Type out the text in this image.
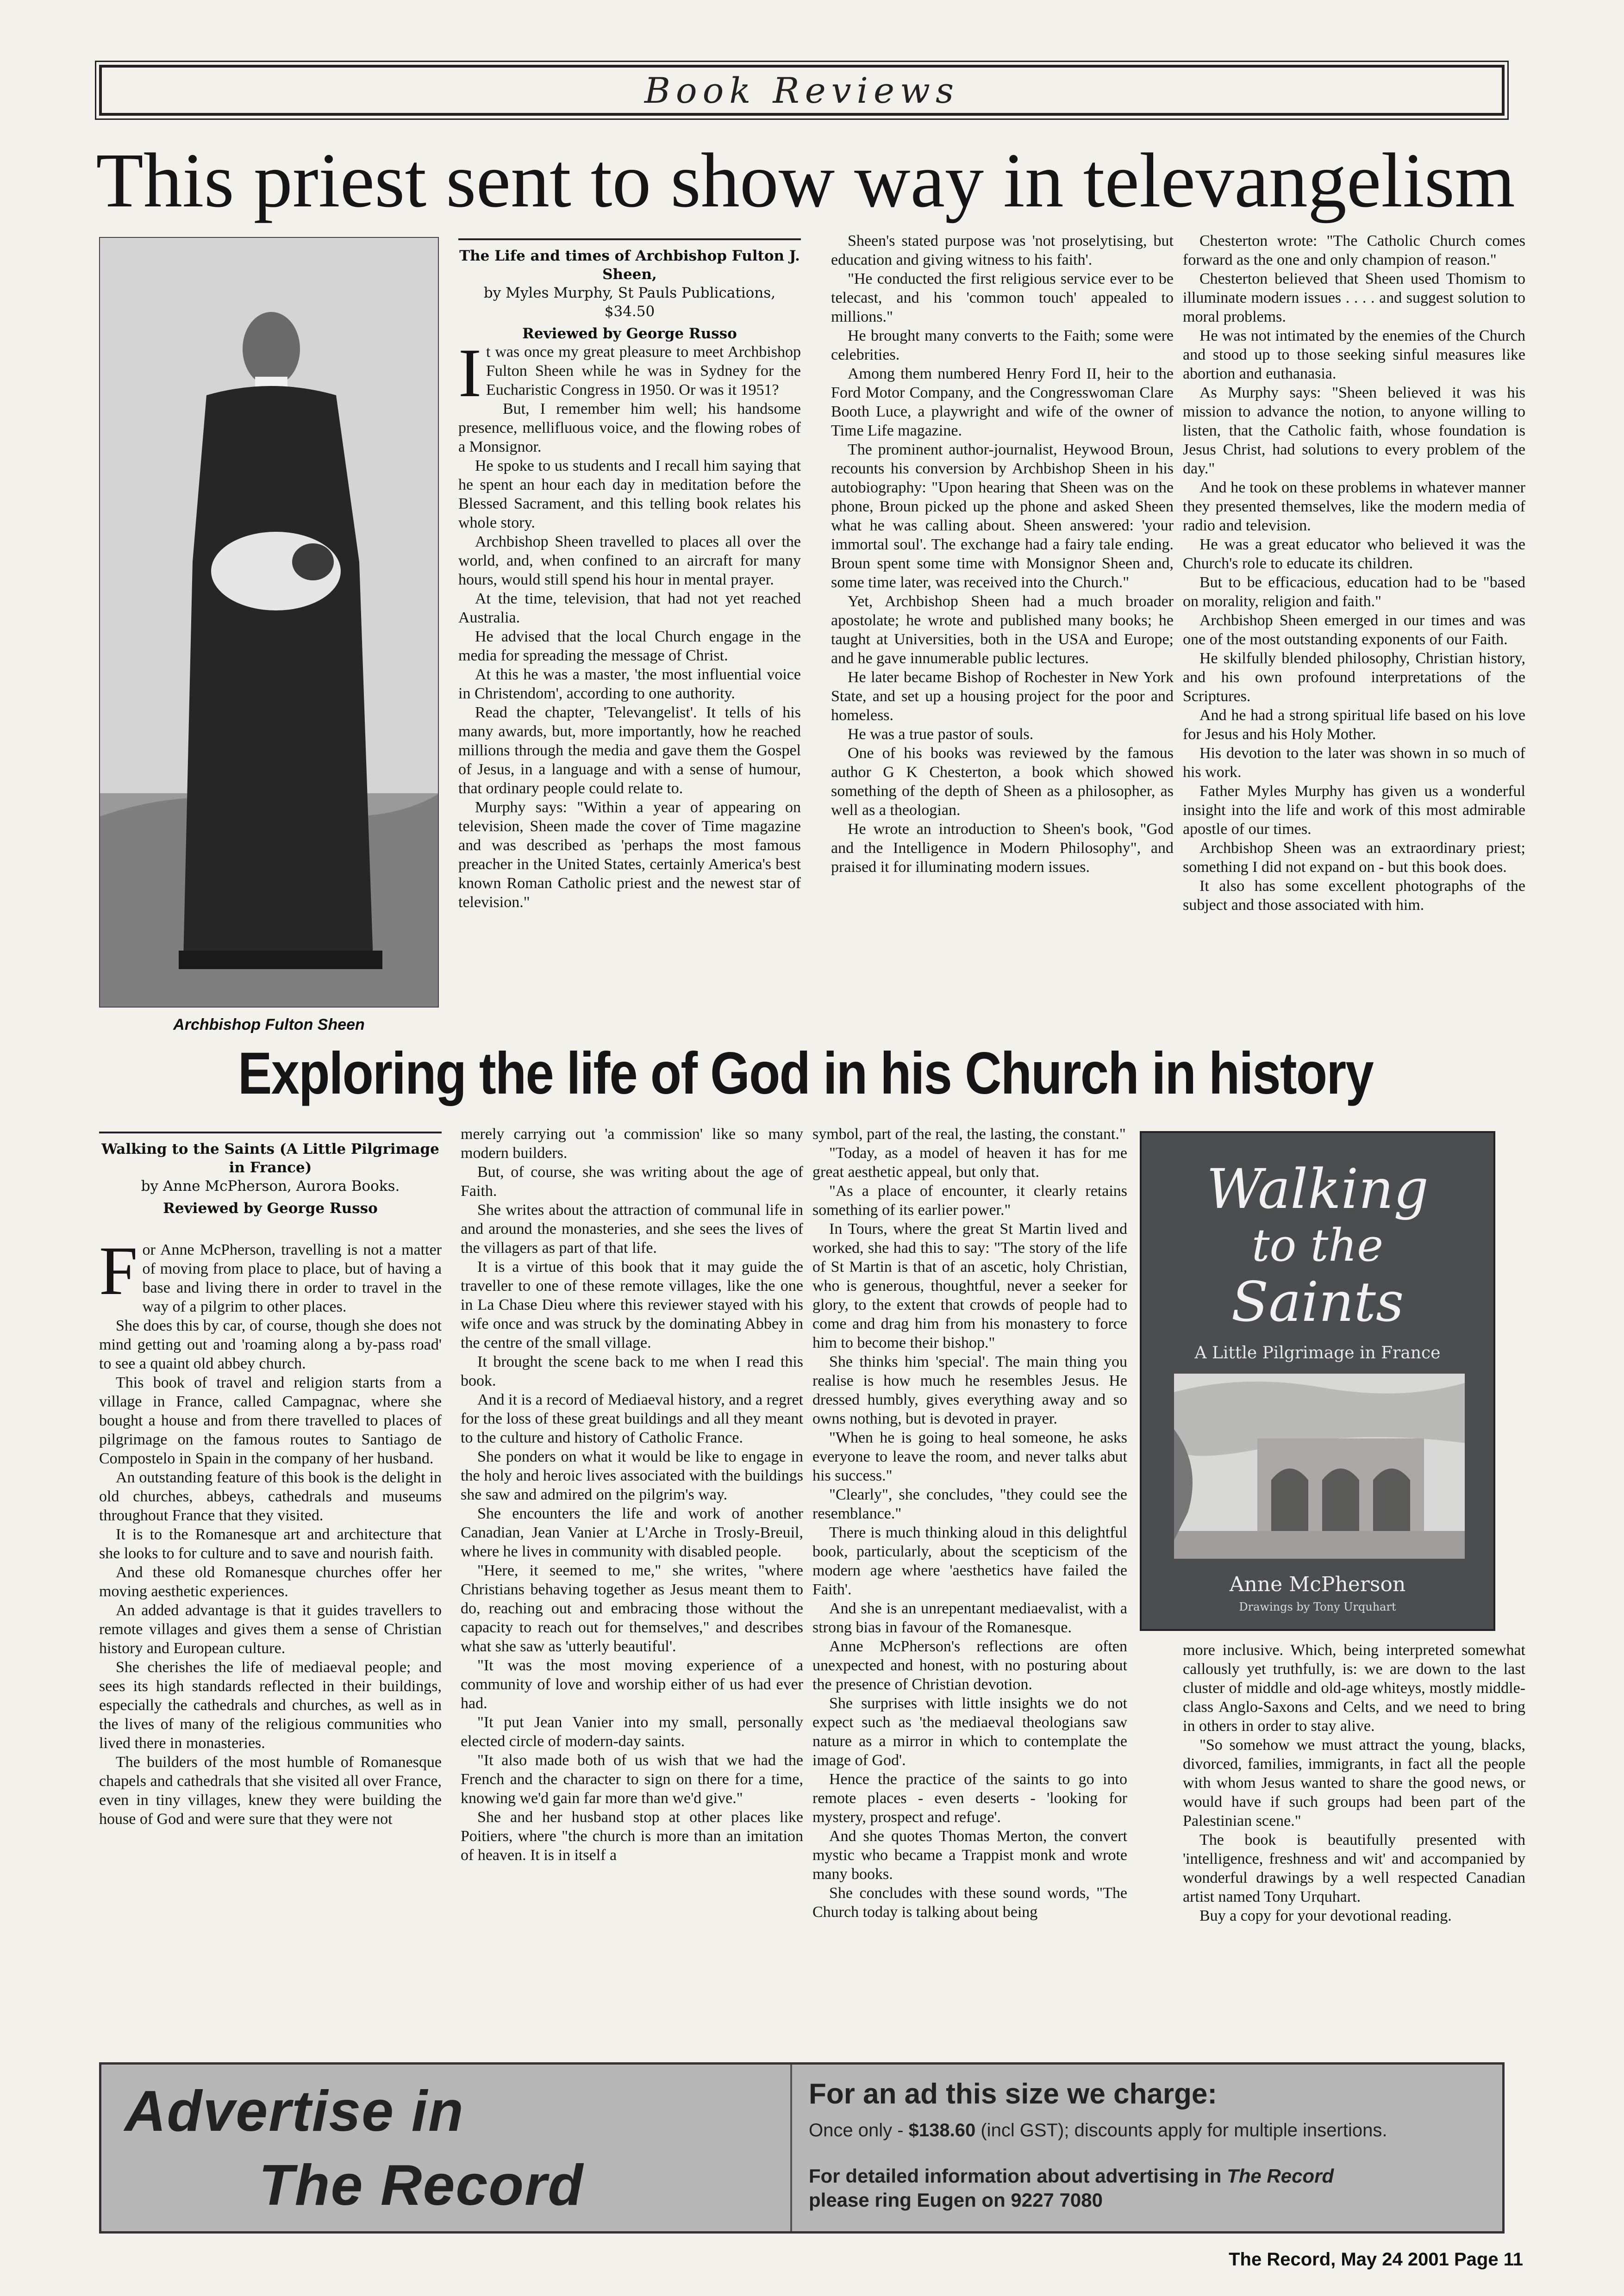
Book Reviews
This priest sent to show way in televangelism
Archbishop Fulton Sheen
The Life and times of Archbishop Fulton J. Sheen,
by Myles Murphy, St Pauls Publications, $34.50
Reviewed by George Russo
I t was once my great pleasure to meet Archbishop Fulton Sheen while he was in Sydney for the Eucharistic Congress in 1950. Or was it 1951?

But, I remember him well; his handsome presence, mellifluous voice, and the flowing robes of a Monsignor.

He spoke to us students and I recall him saying that he spent an hour each day in meditation before the Blessed Sacrament, and this telling book relates his whole story.

Archbishop Sheen travelled to places all over the world, and, when confined to an aircraft for many hours, would still spend his hour in mental prayer.

At the time, television, that had not yet reached Australia.

He advised that the local Church engage in the media for spreading the message of Christ.

At this he was a master, 'the most influential voice in Christendom', according to one authority.

Read the chapter, 'Televangelist'. It tells of his many awards, but, more importantly, how he reached millions through the media and gave them the Gospel of Jesus, in a language and with a sense of humour, that ordinary people could relate to.

Murphy says: "Within a year of appearing on television, Sheen made the cover of Time magazine and was described as 'perhaps the most famous preacher in the United States, certainly America's best known Roman Catholic priest and the newest star of television."

Sheen's stated purpose was 'not proselytising, but education and giving witness to his faith'.

"He conducted the first religious service ever to be telecast, and his 'common touch' appealed to millions."

He brought many converts to the Faith; some were celebrities.

Among them numbered Henry Ford II, heir to the Ford Motor Company, and the Congresswoman Clare Booth Luce, a playwright and wife of the owner of Time Life magazine.

The prominent author-journalist, Heywood Broun, recounts his conversion by Archbishop Sheen in his autobiography: "Upon hearing that Sheen was on the phone, Broun picked up the phone and asked Sheen what he was calling about. Sheen answered: 'your immortal soul'. The exchange had a fairy tale ending. Broun spent some time with Monsignor Sheen and, some time later, was received into the Church."

Yet, Archbishop Sheen had a much broader apostolate; he wrote and published many books; he taught at Universities, both in the USA and Europe; and he gave innumerable public lectures.

He later became Bishop of Rochester in New York State, and set up a housing project for the poor and homeless.

He was a true pastor of souls.

One of his books was reviewed by the famous author G K Chesterton, a book which showed something of the depth of Sheen as a philosopher, as well as a theologian.

He wrote an introduction to Sheen's book, "God and the Intelligence in Modern Philosophy", and praised it for illuminating modern issues.

Chesterton wrote: "The Catholic Church comes forward as the one and only champion of reason."

Chesterton believed that Sheen used Thomism to illuminate modern issues . . . . and suggest solution to moral problems.

He was not intimated by the enemies of the Church and stood up to those seeking sinful measures like abortion and euthanasia.

As Murphy says: "Sheen believed it was his mission to advance the notion, to anyone willing to listen, that the Catholic faith, whose foundation is Jesus Christ, had solutions to every problem of the day."

And he took on these problems in whatever manner they presented themselves, like the modern media of radio and television.

He was a great educator who believed it was the Church's role to educate its children.

But to be efficacious, education had to be "based on morality, religion and faith."

Archbishop Sheen emerged in our times and was one of the most outstanding exponents of our Faith.

He skilfully blended philosophy, Christian history, and his own profound interpretations of the Scriptures.

And he had a strong spiritual life based on his love for Jesus and his Holy Mother.

His devotion to the later was shown in so much of his work.

Father Myles Murphy has given us a wonderful insight into the life and work of this most admirable apostle of our times.

Archbishop Sheen was an extraordinary priest; something I did not expand on - but this book does.

It also has some excellent photographs of the subject and those associated with him.

Exploring the life of God in his Church in history
Walking to the Saints (A Little Pilgrimage in France)
by Anne McPherson, Aurora Books.
Reviewed by George Russo
F or Anne McPherson, travelling is not a matter of moving from place to place, but of having a base and living there in order to travel in the way of a pilgrim to other places.

She does this by car, of course, though she does not mind getting out and 'roaming along a by-pass road' to see a quaint old abbey church.

This book of travel and religion starts from a village in France, called Campagnac, where she bought a house and from there travelled to places of pilgrimage on the famous routes to Santiago de Compostelo in Spain in the company of her husband.

An outstanding feature of this book is the delight in old churches, abbeys, cathedrals and museums throughout France that they visited.

It is to the Romanesque art and architecture that she looks to for culture and to save and nourish faith.

And these old Romanesque churches offer her moving aesthetic experiences.

An added advantage is that it guides travellers to remote villages and gives them a sense of Christian history and European culture.

She cherishes the life of mediaeval people; and sees its high standards reflected in their buildings, especially the cathedrals and churches, as well as in the lives of many of the religious communities who lived there in monasteries.

The builders of the most humble of Romanesque chapels and cathedrals that she visited all over France, even in tiny villages, knew they were building the house of God and were sure that they were not

merely carrying out 'a commission' like so many modern builders.

But, of course, she was writing about the age of Faith.

She writes about the attraction of communal life in and around the monasteries, and she sees the lives of the villagers as part of that life.

It is a virtue of this book that it may guide the traveller to one of these remote villages, like the one in La Chase Dieu where this reviewer stayed with his wife once and was struck by the dominating Abbey in the centre of the small village.

It brought the scene back to me when I read this book.

And it is a record of Mediaeval history, and a regret for the loss of these great buildings and all they meant to the culture and history of Catholic France.

She ponders on what it would be like to engage in the holy and heroic lives associated with the buildings she saw and admired on the pilgrim's way.

She encounters the life and work of another Canadian, Jean Vanier at L'Arche in Trosly-Breuil, where he lives in community with disabled people.

"Here, it seemed to me," she writes, "where Christians behaving together as Jesus meant them to do, reaching out and embracing those without the capacity to reach out for themselves," and describes what she saw as 'utterly beautiful'.

"It was the most moving experience of a community of love and worship either of us had ever had.

"It put Jean Vanier into my small, personally elected circle of modern-day saints.

"It also made both of us wish that we had the French and the character to sign on there for a time, knowing we'd gain far more than we'd give."

She and her husband stop at other places like Poitiers, where "the church is more than an imitation of heaven. It is in itself a

symbol, part of the real, the lasting, the constant."

"Today, as a model of heaven it has for me great aesthetic appeal, but only that.

"As a place of encounter, it clearly retains something of its earlier power."

In Tours, where the great St Martin lived and worked, she had this to say: "The story of the life of St Martin is that of an ascetic, holy Christian, who is generous, thoughtful, never a seeker for glory, to the extent that crowds of people had to come and drag him from his monastery to force him to become their bishop."

She thinks him 'special'. The main thing you realise is how much he resembles Jesus. He dressed humbly, gives everything away and so owns nothing, but is devoted in prayer.

"When he is going to heal someone, he asks everyone to leave the room, and never talks abut his success."

"Clearly", she concludes, "they could see the resemblance."

There is much thinking aloud in this delightful book, particularly, about the scepticism of the modern age where 'aesthetics have failed the Faith'.

And she is an unrepentant mediaevalist, with a strong bias in favour of the Romanesque.

Anne McPherson's reflections are often unexpected and honest, with no posturing about the presence of Christian devotion.

She surprises with little insights we do not expect such as 'the mediaeval theologians saw nature as a mirror in which to contemplate the image of God'.

Hence the practice of the saints to go into remote places - even deserts - 'looking for mystery, prospect and refuge'.

And she quotes Thomas Merton, the convert mystic who became a Trappist monk and wrote many books.

She concludes with these sound words, "The Church today is talking about being

Walking
to the
Saints
A Little Pilgrimage in France
Anne McPherson
Drawings by Tony Urquhart

more inclusive. Which, being interpreted somewhat callously yet truthfully, is: we are down to the last cluster of middle and old-age whiteys, mostly middle-class Anglo-Saxons and Celts, and we need to bring in others in order to stay alive.

"So somehow we must attract the young, blacks, divorced, families, immigrants, in fact all the people with whom Jesus wanted to share the good news, or would have if such groups had been part of the Palestinian scene."

The book is beautifully presented with 'intelligence, freshness and wit' and accompanied by wonderful drawings by a well respected Canadian artist named Tony Urquhart.

Buy a copy for your devotional reading.

Advertise in
The Record
For an ad this size we charge:
Once only - $138.60 (incl GST); discounts apply for multiple insertions.
For detailed information about advertising in The Record
please ring Eugen on 9227 7080
The Record, May 24 2001 Page 11
